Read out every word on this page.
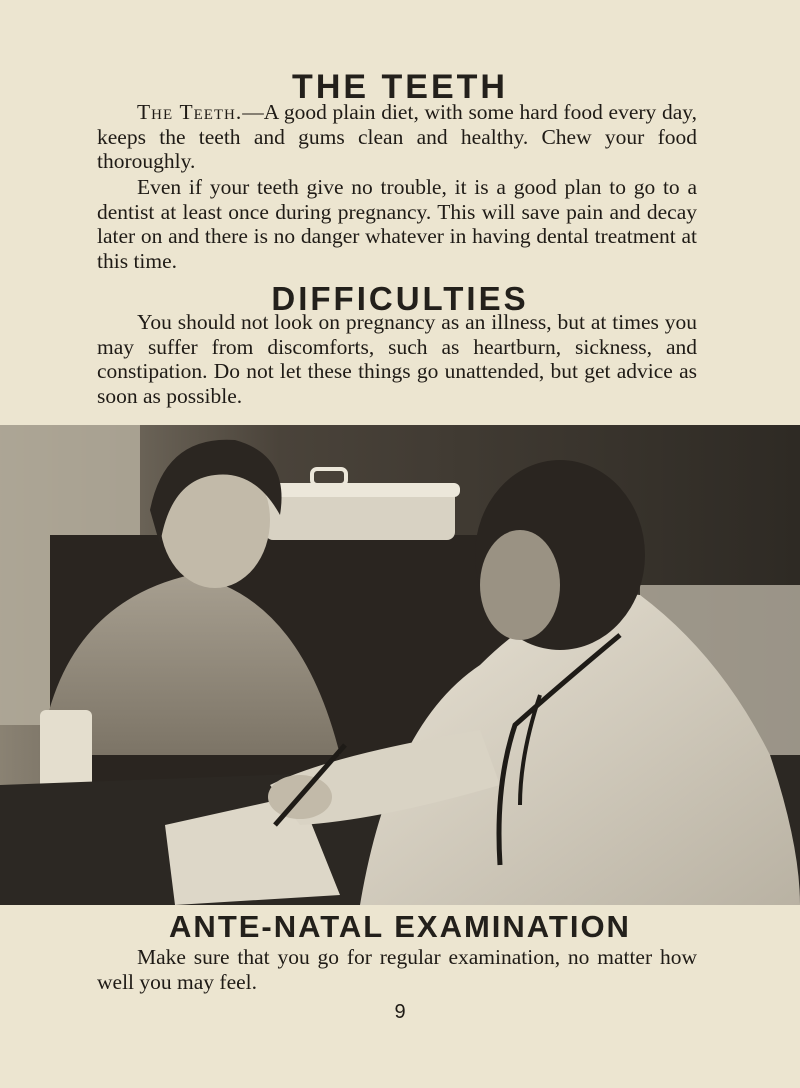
THE TEETH

The Teeth.—A good plain diet, with some hard food every day, keeps the teeth and gums clean and healthy. Chew your food thoroughly.

Even if your teeth give no trouble, it is a good plan to go to a dentist at least once during pregnancy. This will save pain and decay later on and there is no danger whatever in having dental treatment at this time.

DIFFICULTIES

You should not look on pregnancy as an illness, but at times you may suffer from discomforts, such as heartburn, sickness, and constipation. Do not let these things go unattended, but get advice as soon as possible.

ANTE-NATAL EXAMINATION

Make sure that you go for regular examination, no matter how well you may feel.

9
